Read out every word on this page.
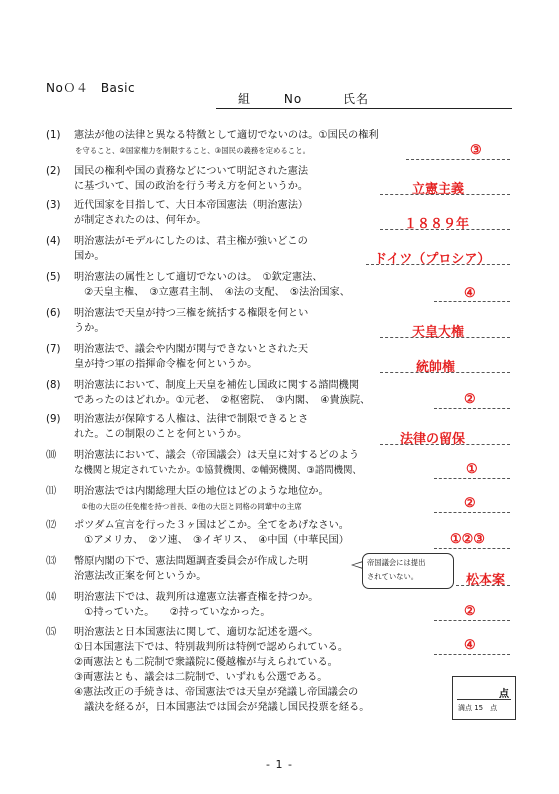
NoＯ４　Basic
組	No	氏名
(1)	憲法が他の法律と異なる特徴として適切でないのは。①国民の権利
を守ること、②国家権力を制限すること、③国民の義務を定めること。	③
(2)	国民の権利や国の責務などについて明記された憲法
に基づいて、国の政治を行う考え方を何というか。	立憲主義
(3)	近代国家を目指して、大日本帝国憲法（明治憲法）
が制定されたのは、何年か。	１８８９年
(4)	明治憲法がモデルにしたのは、君主権が強いどこの
国か。	ドイツ（プロシア）
(5)	明治憲法の属性として適切でないのは。　①欽定憲法、
　②天皇主権、　③立憲君主制、　④法の支配、　⑤法治国家、	④
(6)	明治憲法で天皇が持つ三権を統括する権限を何とい
うか。	天皇大権
(7)	明治憲法で、議会や内閣が関与できないとされた天
皇が持つ軍の指揮命令権を何というか。	統帥権
(8)	明治憲法において、制度上天皇を補佐し国政に関する諮問機関
であったのはどれか。①元老、　②枢密院、　③内閣、　④貴族院、	②
(9)	明治憲法が保障する人権は、法律で制限できるとさ
れた。この制限のことを何というか。	法律の留保
⑽	明治憲法において、議会（帝国議会）は天皇に対するどのよう
な機関と規定されていたか。①協賛機関、②輔弼機関、③諮問機関、	①
⑾	明治憲法では内閣総理大臣の地位はどのような地位か。
　①他の大臣の任免権を持つ首長、②他の大臣と同格の同輩中の主席	②
⑿	ポツダム宣言を行った３ヶ国はどこか。全てをあげなさい。
　①アメリカ、　②ソ連、　③イギリス、　④中国（中華民国）	①②③
⒀	幣原内閣の下で、憲法問題調査委員会が作成した明
治憲法改正案を何というか。	松本案
帝国議会には提出
されていない。
⒁	明治憲法下では、裁判所は違憲立法審査権を持つか。
　①持っていた。　　②持っていなかった。	②
⒂	明治憲法と日本国憲法に関して、適切な記述を選べ。
①日本国憲法下では、特別裁判所は特例で認められている。
②両憲法とも二院制で衆議院に優越権が与えられている。
③両憲法とも、議会は二院制で、いずれも公選である。
④憲法改正の手続きは、帝国憲法では天皇が発議し帝国議会の
　議決を経るが，日本国憲法では国会が発議し国民投票を経る。
④
点
満点 15　点
- 1 -
